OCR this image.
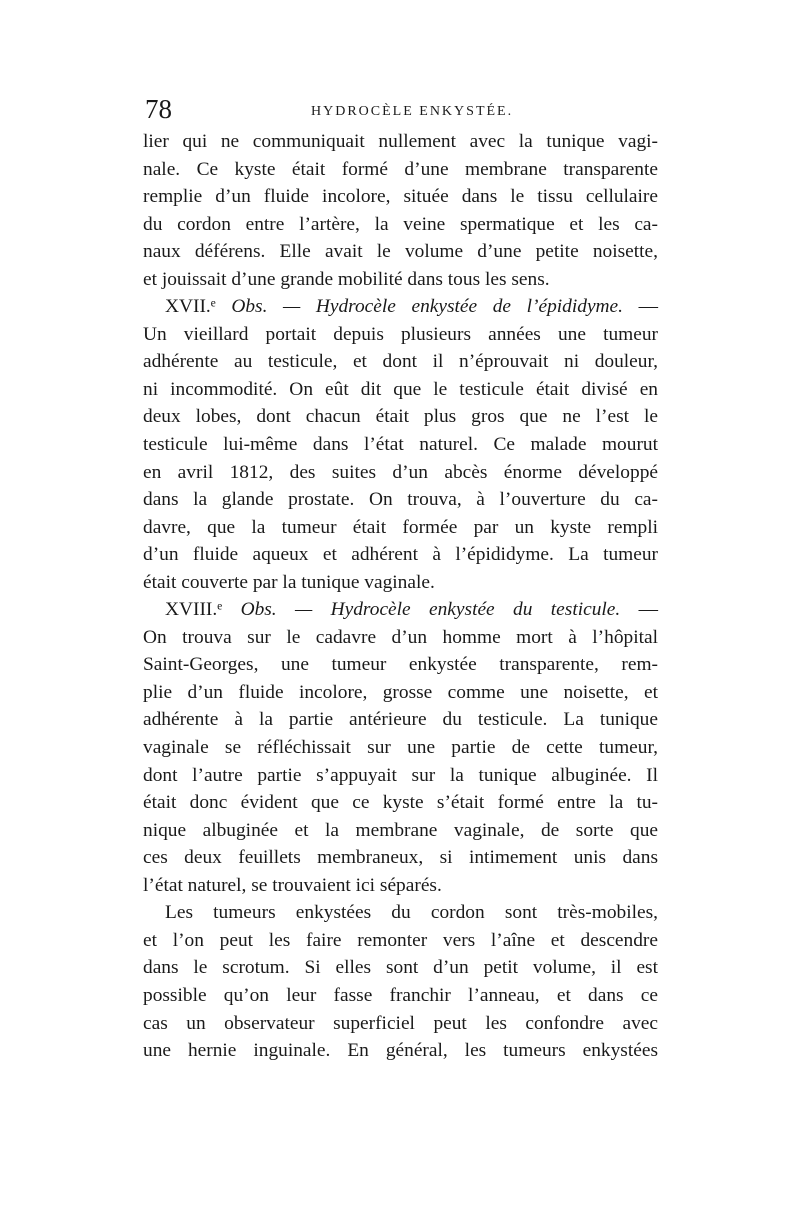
78	HYDROCÈLE ENKYSTÉE.
lier qui ne communiquait nullement avec la tunique vagi-
nale. Ce kyste était formé d’une membrane transparente
remplie d’un fluide incolore, située dans le tissu cellulaire
du cordon entre l’artère, la veine spermatique et les ca-
naux déférens. Elle avait le volume d’une petite noisette,
et jouissait d’une grande mobilité dans tous les sens.
XVII.ᵉ Obs. — Hydrocèle enkystée de l’épididyme. —
Un vieillard portait depuis plusieurs années une tumeur
adhérente au testicule, et dont il n’éprouvait ni douleur,
ni incommodité. On eût dit que le testicule était divisé en
deux lobes, dont chacun était plus gros que ne l’est le
testicule lui-même dans l’état naturel. Ce malade mourut
en avril 1812, des suites d’un abcès énorme développé
dans la glande prostate. On trouva, à l’ouverture du ca-
davre, que la tumeur était formée par un kyste rempli
d’un fluide aqueux et adhérent à l’épididyme. La tumeur
était couverte par la tunique vaginale.
XVIII.ᵉ Obs. — Hydrocèle enkystée du testicule. —
On trouva sur le cadavre d’un homme mort à l’hôpital
Saint-Georges, une tumeur enkystée transparente, rem-
plie d’un fluide incolore, grosse comme une noisette, et
adhérente à la partie antérieure du testicule. La tunique
vaginale se réfléchissait sur une partie de cette tumeur,
dont l’autre partie s’appuyait sur la tunique albuginée. Il
était donc évident que ce kyste s’était formé entre la tu-
nique albuginée et la membrane vaginale, de sorte que
ces deux feuillets membraneux, si intimement unis dans
l’état naturel, se trouvaient ici séparés.
Les tumeurs enkystées du cordon sont très-mobiles,
et l’on peut les faire remonter vers l’aîne et descendre
dans le scrotum. Si elles sont d’un petit volume, il est
possible qu’on leur fasse franchir l’anneau, et dans ce
cas un observateur superficiel peut les confondre avec
une hernie inguinale. En général, les tumeurs enkystées
